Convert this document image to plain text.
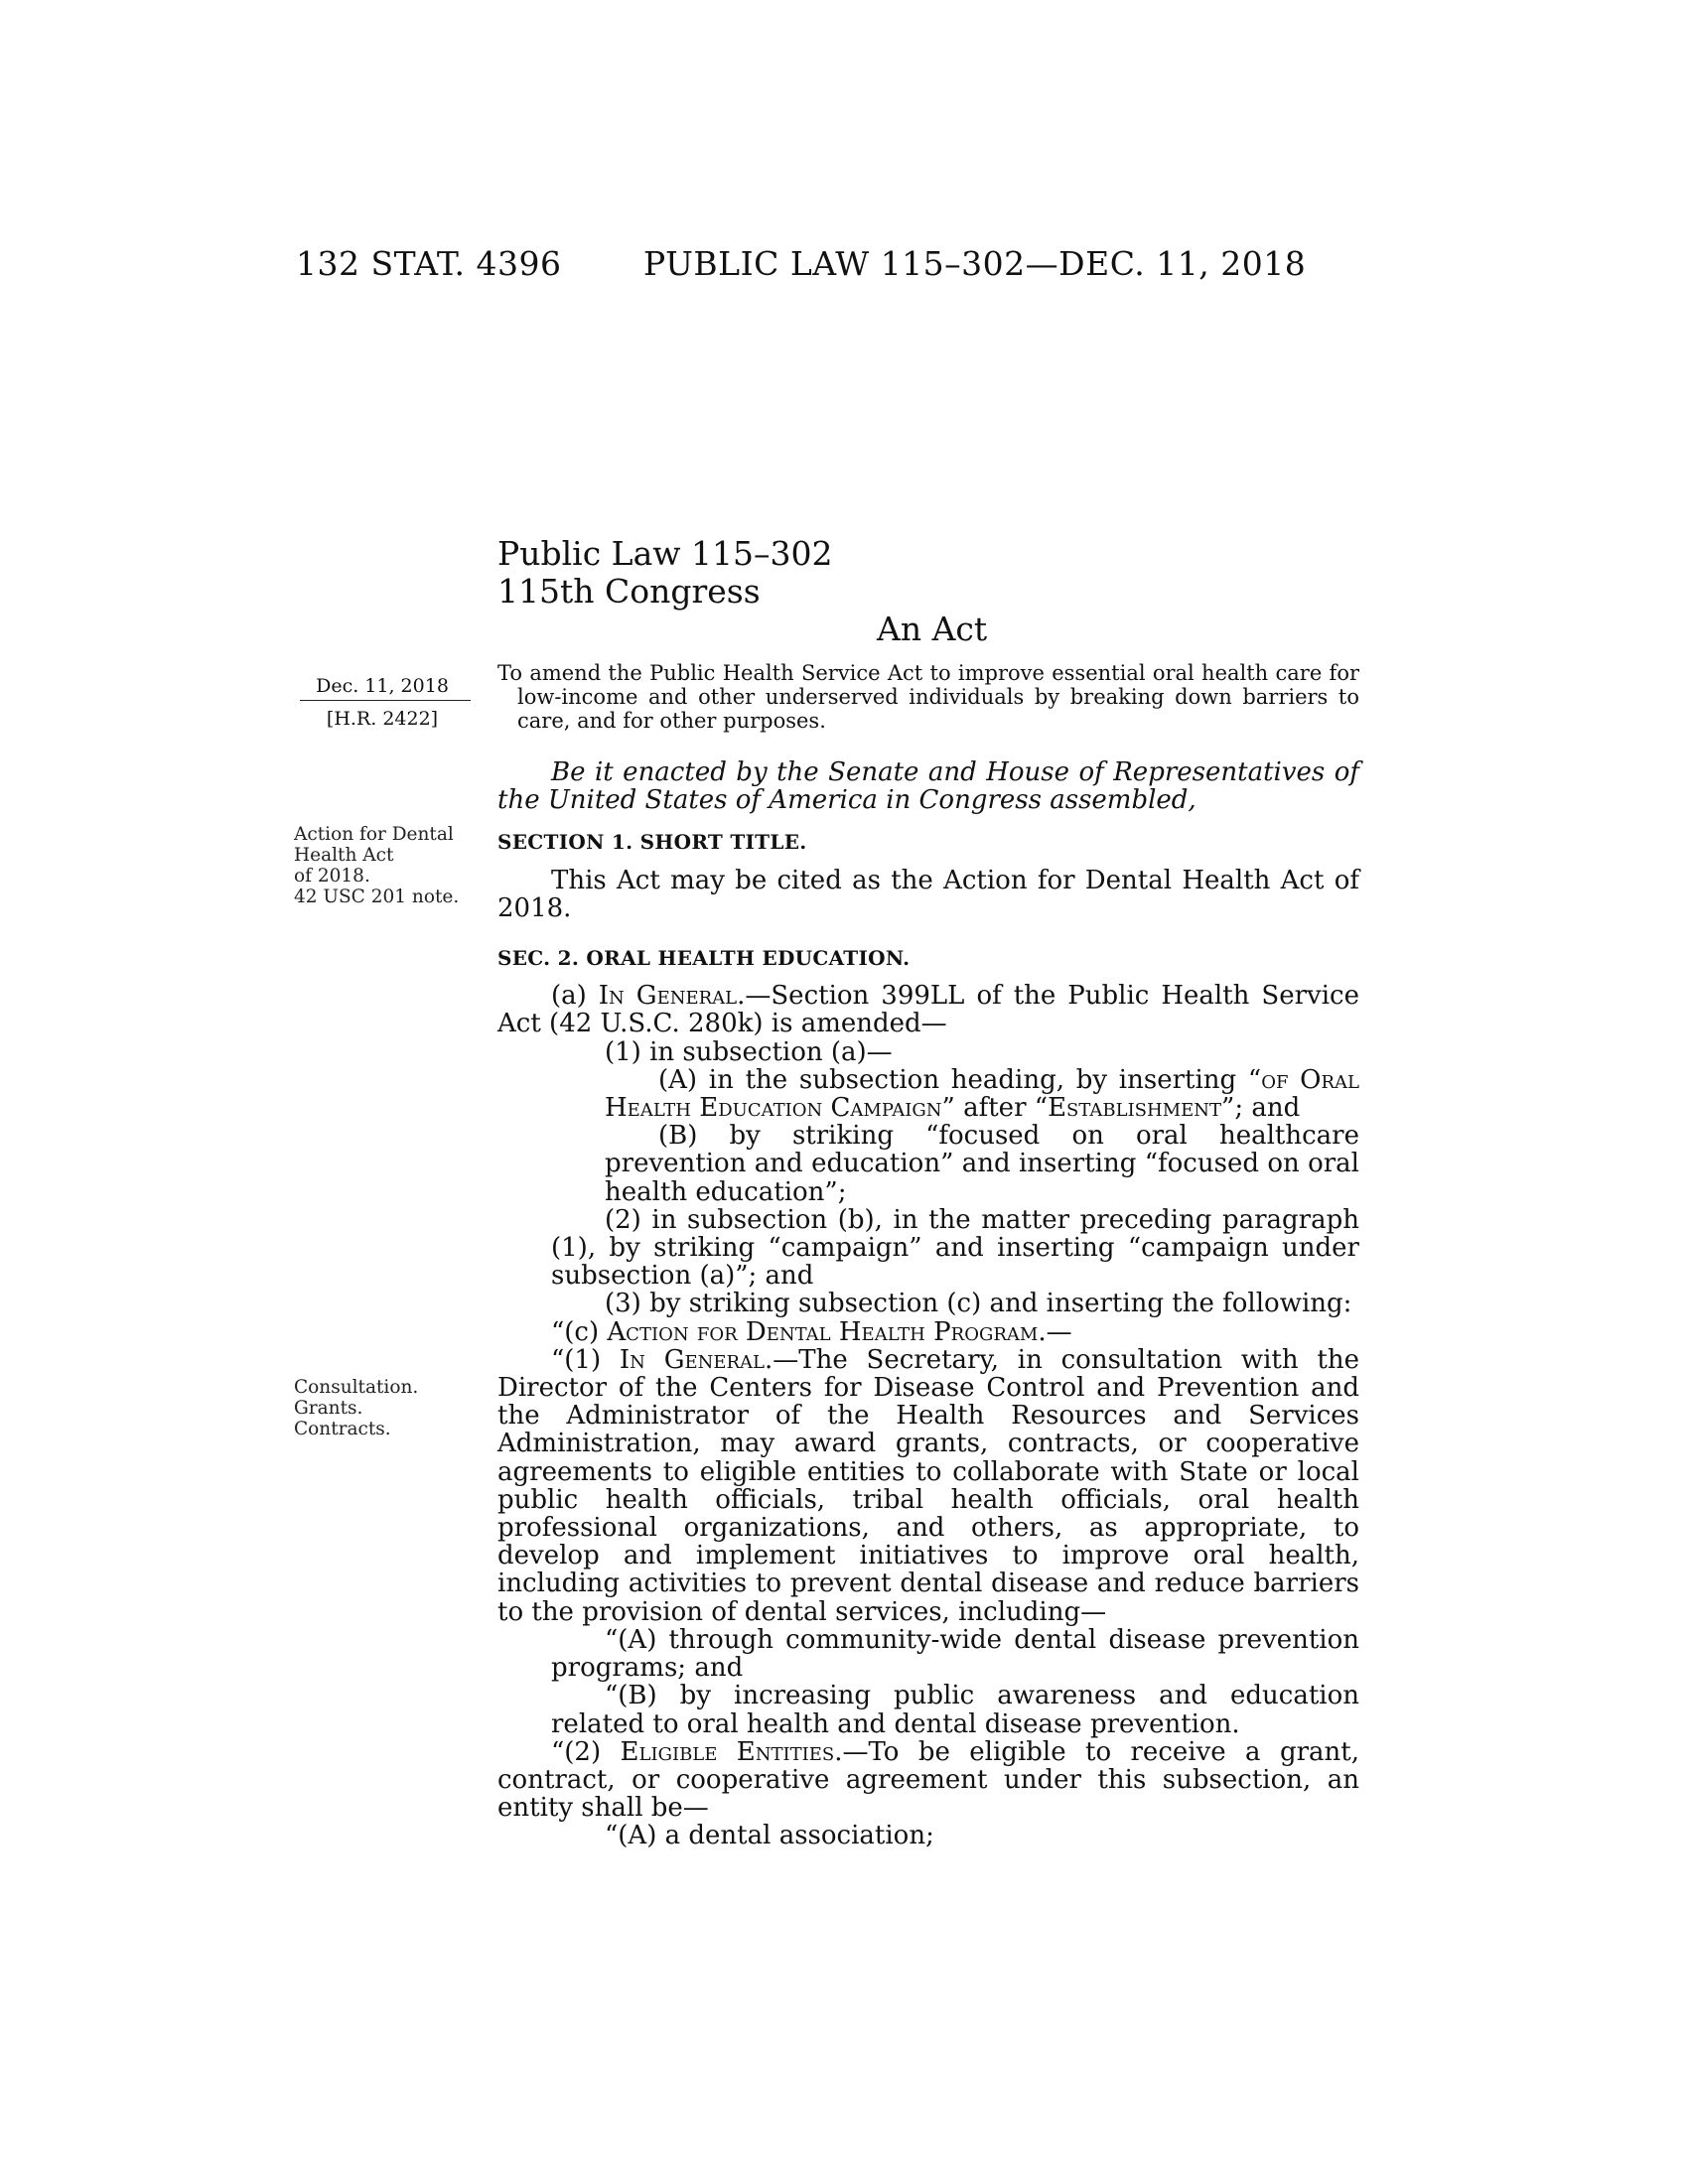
132 STAT. 4396	PUBLIC LAW 115–302—DEC. 11, 2018
Public Law 115–302
115th Congress
An Act
Dec. 11, 2018
[H.R. 2422]
To amend the Public Health Service Act to improve essential oral health care for low-income and other underserved individuals by breaking down barriers to care, and for other purposes.
Action for Dental
Health Act
of 2018.
42 USC 201 note.
Consultation.
Grants.
Contracts.

Be it enacted by the Senate and House of Representatives of the United States of America in Congress assembled,

SECTION 1. SHORT TITLE.

This Act may be cited as the Action for Dental Health Act of 2018.

SEC. 2. ORAL HEALTH EDUCATION.

(a) In General.—Section 399LL of the Public Health Service Act (42 U.S.C. 280k) is amended—

(1) in subsection (a)—

(A) in the subsection heading, by inserting “of Oral Health Education Campaign” after “Establishment”; and

(B) by striking “focused on oral healthcare prevention and education” and inserting “focused on oral health education”;

(2) in subsection (b), in the matter preceding paragraph (1), by striking “campaign” and inserting “campaign under subsection (a)”; and

(3) by striking subsection (c) and inserting the following:

“(c) Action for Dental Health Program.—

“(1) In General.—The Secretary, in consultation with the Director of the Centers for Disease Control and Prevention and the Administrator of the Health Resources and Services Administration, may award grants, contracts, or cooperative agreements to eligible entities to collaborate with State or local public health officials, tribal health officials, oral health professional organizations, and others, as appropriate, to develop and implement initiatives to improve oral health, including activities to prevent dental disease and reduce barriers to the provision of dental services, including—

“(A) through community-wide dental disease prevention programs; and

“(B) by increasing public awareness and education related to oral health and dental disease prevention.

“(2) Eligible Entities.—To be eligible to receive a grant, contract, or cooperative agreement under this subsection, an entity shall be—

“(A) a dental association;
